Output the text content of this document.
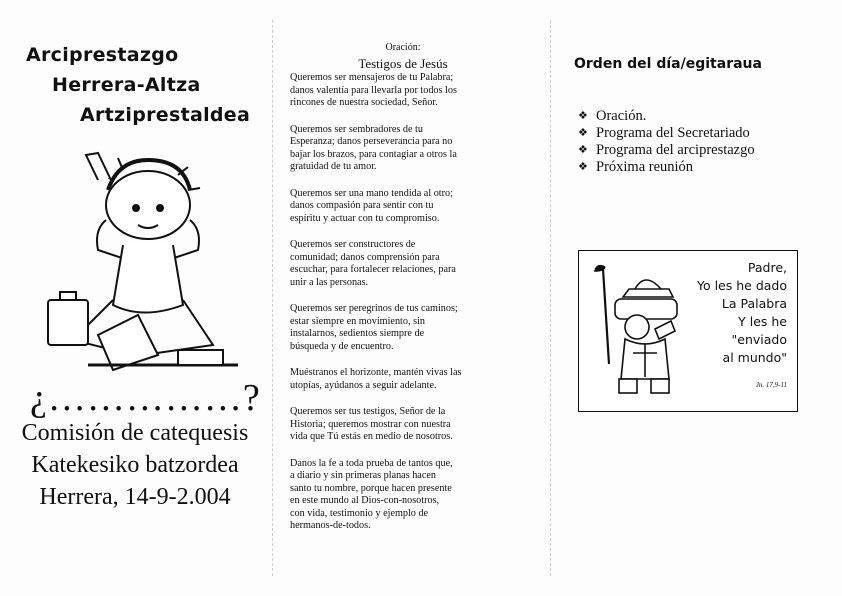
Arciprestazgo
Herrera-Altza
Artziprestaldea
¿……………?
Comisión de catequesis
Katekesiko batzordea
Herrera, 14-9-2.004
Oración:
Testigos de Jesús

Queremos ser mensajeros de tu Palabra;
danos valentía para llevarla por todos los
rincones de nuestra sociedad, Señor.

Queremos ser sembradores de tu
Esperanza; danos perseverancia para no
bajar los brazos, para contagiar a otros la
gratuidad de tu amor.

Queremos ser una mano tendida al otro;
danos compasión para sentir con tu
espíritu y actuar con tu compromiso.

Queremos ser constructores de
comunidad; danos comprensión para
escuchar, para fortalecer relaciones, para
unir a las personas.

Queremos ser peregrinos de tus caminos;
estar siempre en movimiento, sin
instalarnos, sedientos siempre de
búsqueda y de encuentro.

Muéstranos el horizonte, mantén vivas las
utopías, ayúdanos a seguir adelante.

Queremos ser tus testigos, Señor de la
Historia; queremos mostrar con nuestra
vida que Tú estás en medio de nosotros.

Danos la fe a toda prueba de tantos que,
a diario y sin primeras planas hacen
santo tu nombre, porque hacen presente
en este mundo al Dios-con-nosotros,
con vida, testimonio y ejemplo de
hermanos-de-todos.

Orden del día/egitaraua
❖ Oración.
❖ Programa del Secretariado
❖ Programa del arciprestazgo
❖ Próxima reunión
Padre,
Yo les he dado
La Palabra
Y les he
"enviado
al mundo"
Jn. 17,9-11
